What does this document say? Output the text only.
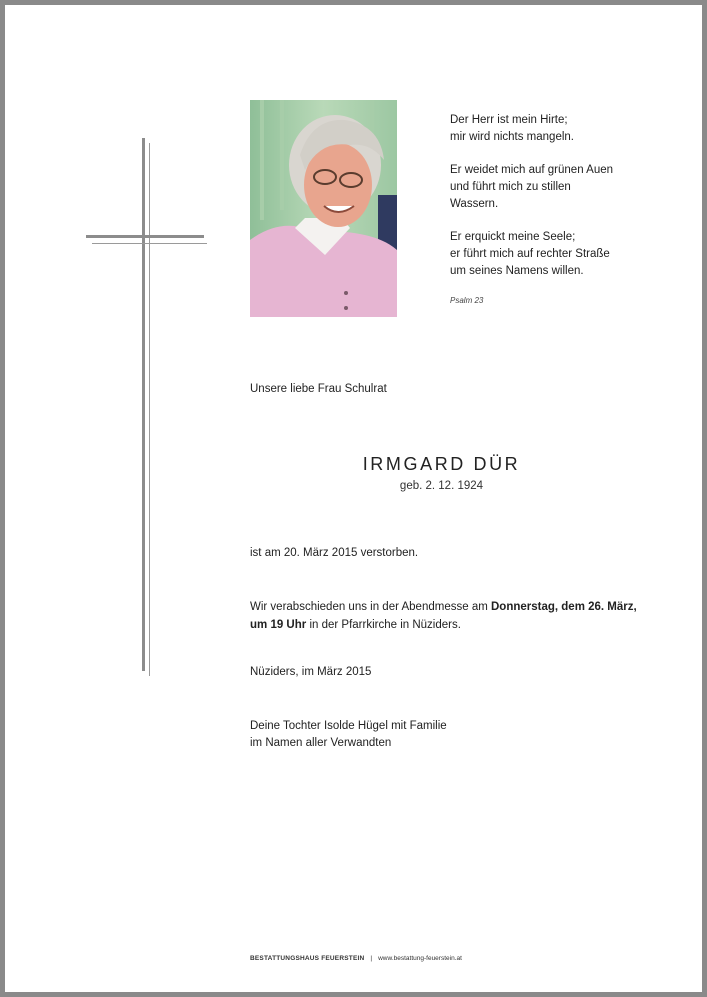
Der Herr ist mein Hirte;
mir wird nichts mangeln.

Er weidet mich auf grünen Auen
und führt mich zu stillen
Wassern.

Er erquickt meine Seele;
er führt mich auf rechter Straße
um seines Namens willen.

Psalm 23

Unsere liebe Frau Schulrat
IRMGARD DÜR
geb. 2. 12. 1924
ist am 20. März 2015 verstorben.
Wir verabschieden uns in der Abendmesse am Donnerstag, dem 26. März, um 19 Uhr in der Pfarrkirche in Nüziders.
Nüziders, im März 2015
Deine Tochter Isolde Hügel mit Familie
im Namen aller Verwandten
BESTATTUNGSHAUS FEUERSTEIN | www.bestattung-feuerstein.at
